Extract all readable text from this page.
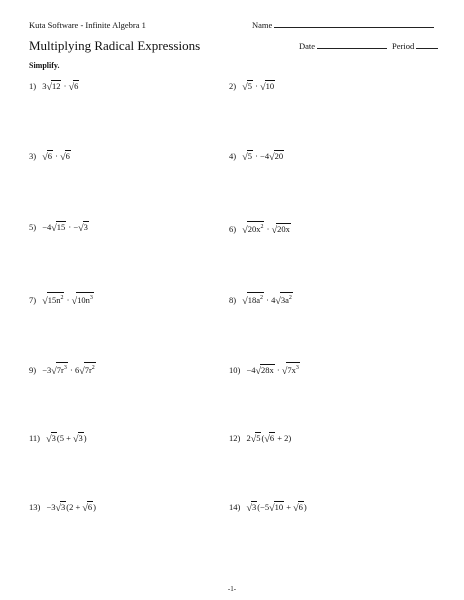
Kuta Software - Infinite Algebra 1	Name
Multiplying Radical Expressions	Date	Period
Simplify.
1) 3√12 · √6	2) √5 · √10
3) √6 · √6	4) √5 · −4√20
5) −4√15 · −√3	6) $√20x^2 \cdot √20x$
7) $√15n^2 \cdot √10n^3$	8) $√18a^2 \cdot 4√3a^2$
$9) -3√7r^3 \cdot 6√7r^2$	$10) -4√28x \cdot √7x^3$
11) √3(5 + √3)	12) 2√5(√6 + 2)
13) −3√3(2 + √6)	14) √3(−5√10 + √6)
-1-
